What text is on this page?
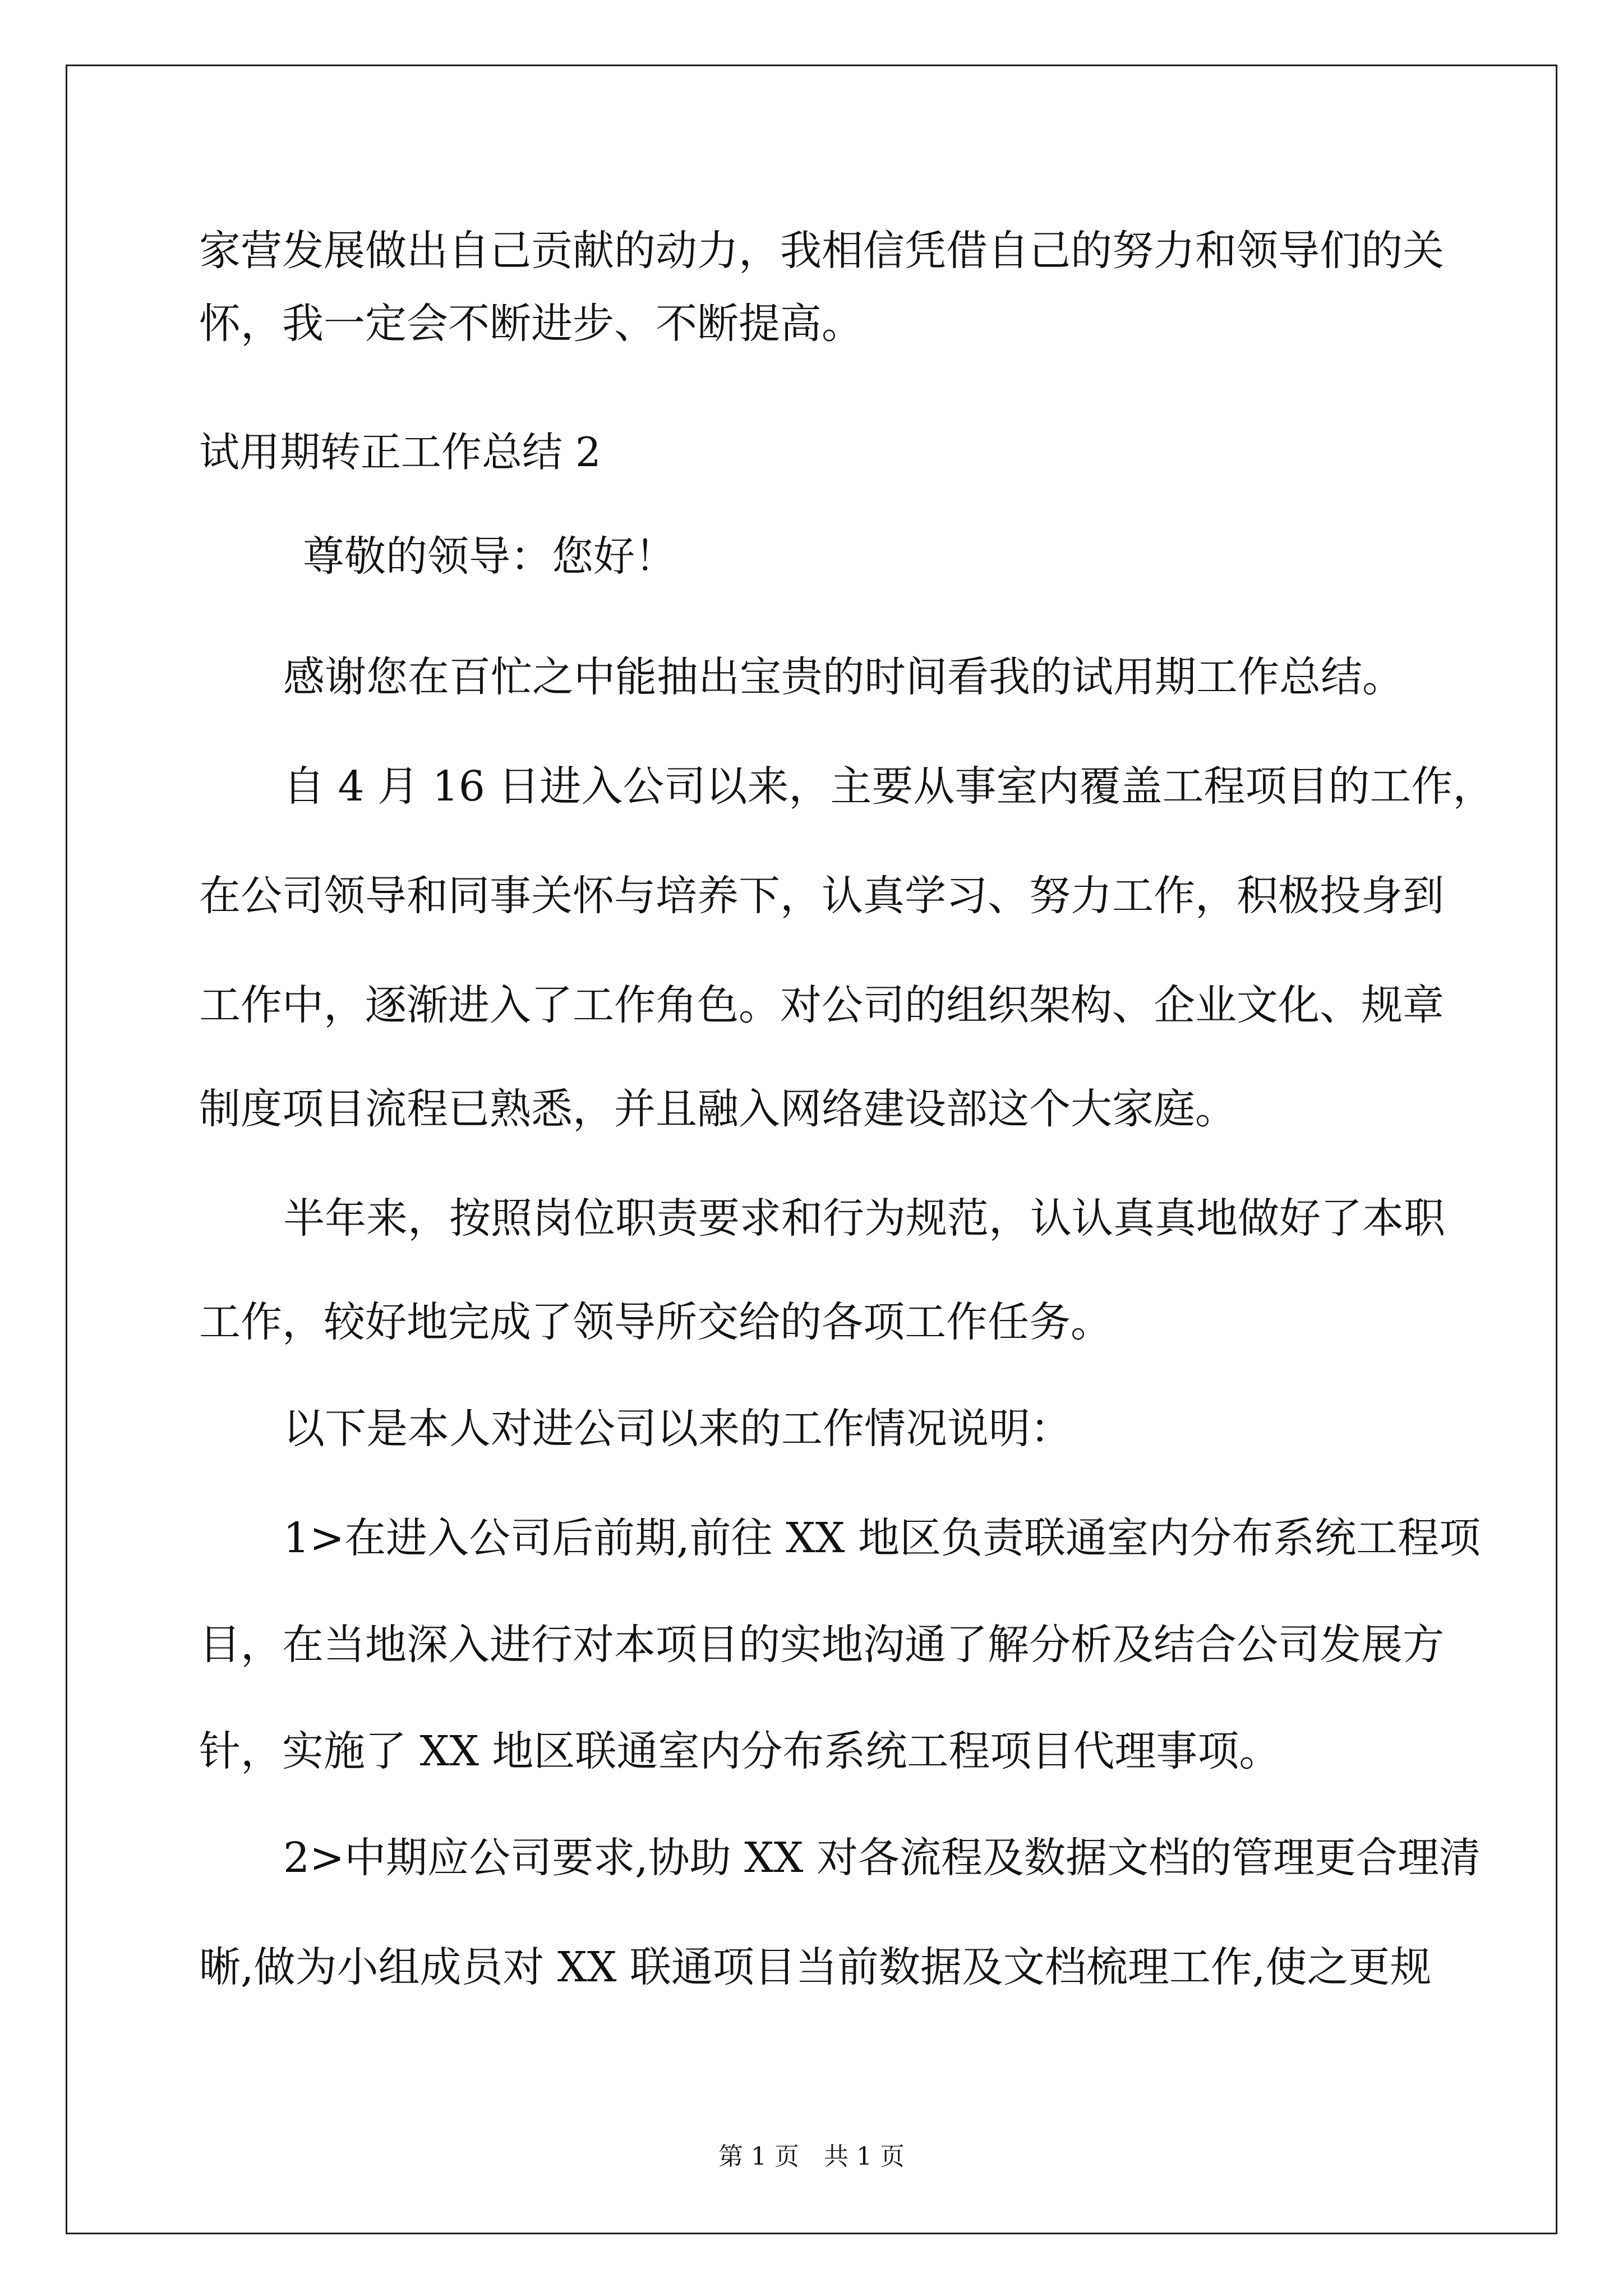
家营发展做出自己贡献的动力，我相信凭借自己的努力和领导们的关
怀，我一定会不断进步、不断提高。
试用期转正工作总结 2
尊敬的领导：您好！
感谢您在百忙之中能抽出宝贵的时间看我的试用期工作总结。
自 4 月 16 日进入公司以来，主要从事室内覆盖工程项目的工作，
在公司领导和同事关怀与培养下，认真学习、努力工作，积极投身到
工作中，逐渐进入了工作角色。对公司的组织架构、企业文化、规章
制度项目流程已熟悉，并且融入网络建设部这个大家庭。
半年来，按照岗位职责要求和行为规范，认认真真地做好了本职
工作，较好地完成了领导所交给的各项工作任务。
以下是本人对进公司以来的工作情况说明：
1>在进入公司后前期,前往 XX 地区负责联通室内分布系统工程项
目，在当地深入进行对本项目的实地沟通了解分析及结合公司发展方
针，实施了 XX 地区联通室内分布系统工程项目代理事项。
2>中期应公司要求,协助 XX 对各流程及数据文档的管理更合理清
晰,做为小组成员对 XX 联通项目当前数据及文档梳理工作,使之更规
第 1 页　共 1 页
